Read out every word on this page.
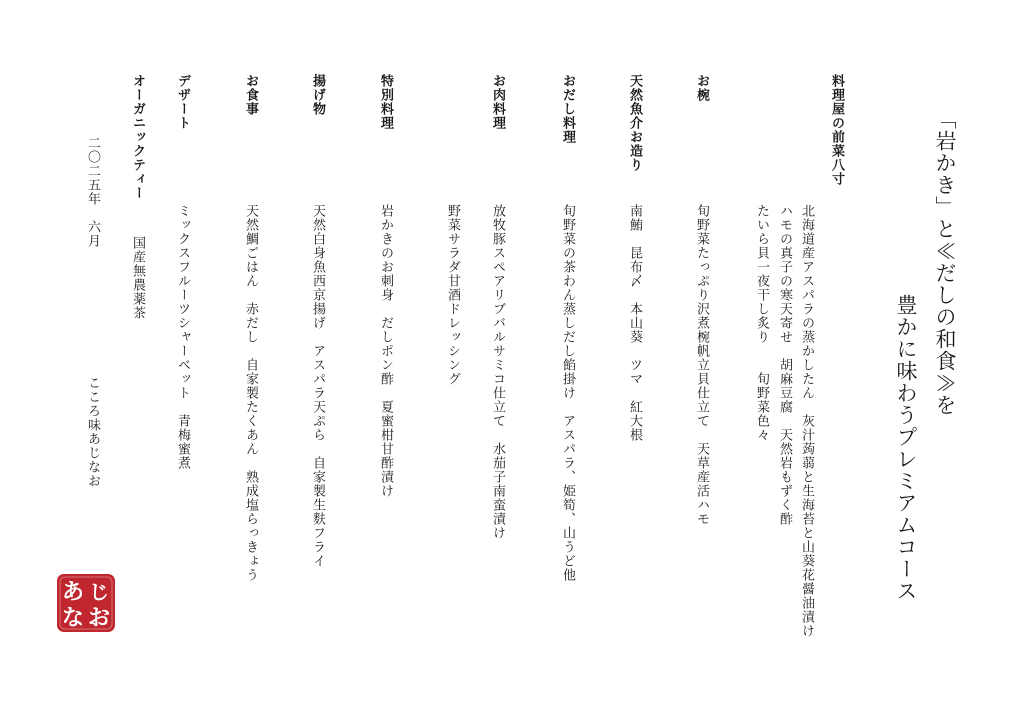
「岩かき」と≪だしの和食≫を
豊かに味わうプレミアムコース
料理屋の前菜八寸
北海道産アスパラの蒸かしたん　灰汁蒟蒻と生海苔と山葵花醤油漬け
ハモの真子の寒天寄せ　胡麻豆腐　天然岩もずく酢
たいら貝一夜干し炙り　　旬野菜色々
お椀
旬野菜たっぷり沢煮椀帆立貝仕立て　天草産活ハモ
天然魚介お造り
南鮪　昆布〆　本山葵　ツマ　紅大根
おだし料理
旬野菜の茶わん蒸しだし餡掛け　アスパラ、姫筍、山うど他
お肉料理
放牧豚スペアリブバルサミコ仕立て　水茄子南蛮漬け
野菜サラダ甘酒ドレッシング
特別料理
岩かきのお刺身　だしポン酢　夏蜜柑甘酢漬け
揚げ物
天然白身魚西京揚げ　アスパラ天ぷら　自家製生麩フライ
お食事
天然鯛ごはん　赤だし　自家製たくあん　熟成塩らっきょう
デザート
ミックスフルーツシャーベット　青梅蜜煮
オーガニックティー
国産無農薬茶
二〇二五年　六月
こころ味あじなお
あ じ
な お
